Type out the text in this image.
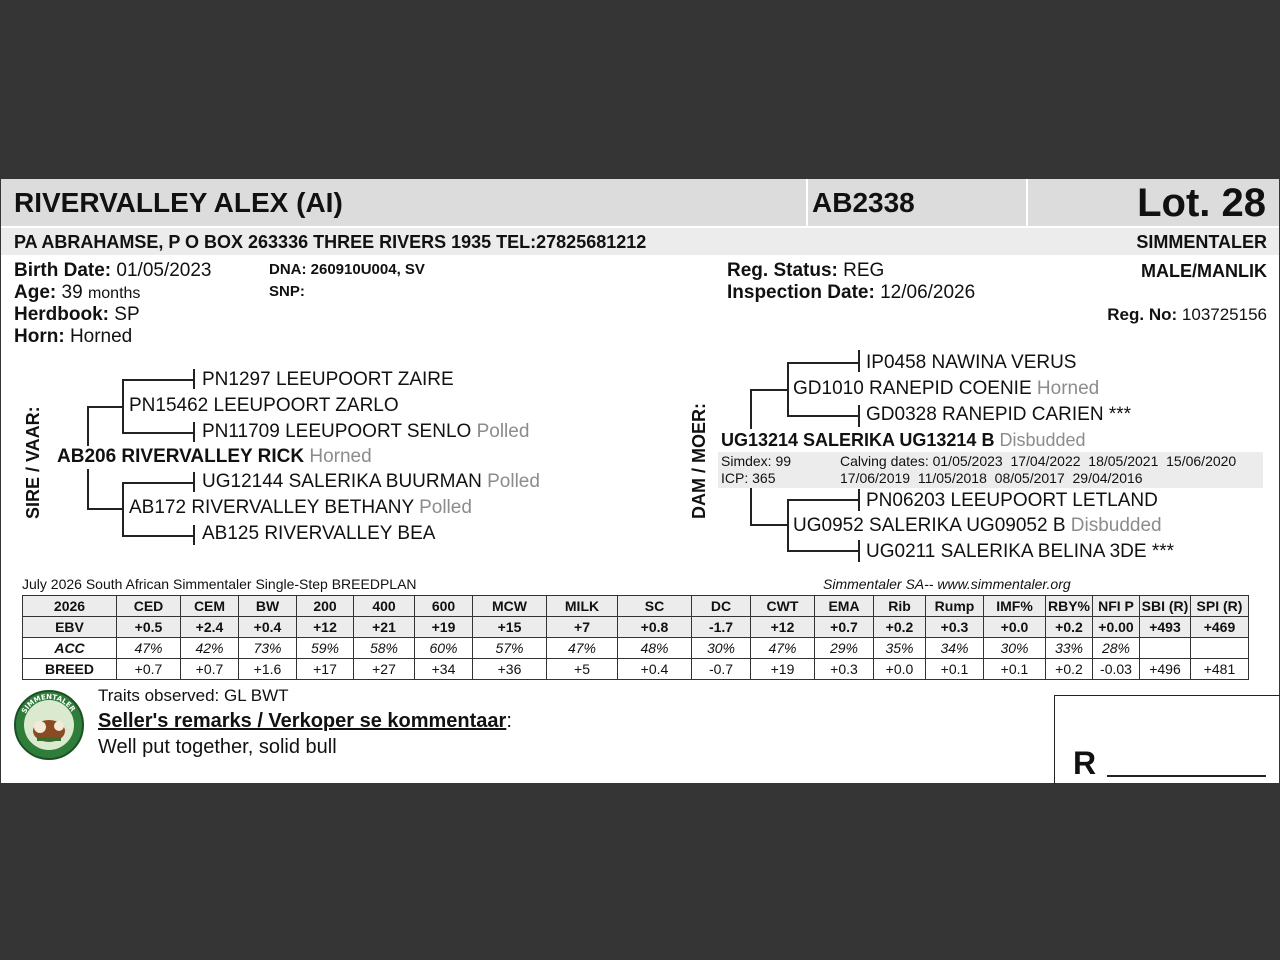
RIVERVALLEY ALEX (AI)	AB2338	Lot. 28
PA ABRAHAMSE, P O BOX 263336 THREE RIVERS 1935 TEL:27825681212	SIMMENTALER
Birth Date: 01/05/2023
Age: 39 months
Herdbook: SP
Horn: Horned
DNA: 260910U004, SV
SNP:
Reg. Status: REG
Inspection Date: 12/06/2026
MALE/MANLIK
Reg. No: 103725156
SIRE / VAAR:
PN1297 LEEUPOORT ZAIRE
PN15462 LEEUPOORT ZARLO
PN11709 LEEUPOORT SENLO Polled
AB206 RIVERVALLEY RICK Horned
UG12144 SALERIKA BUURMAN Polled
AB172 RIVERVALLEY BETHANY Polled
AB125 RIVERVALLEY BEA
DAM / MOER:
IP0458 NAWINA VERUS
GD1010 RANEPID COENIE Horned
GD0328 RANEPID CARIEN ***
UG13214 SALERIKA UG13214 B Disbudded
Simdex: 99
ICP: 365
Calving dates: 01/05/2023  17/04/2022  18/05/2021  15/06/2020
17/06/2019  11/05/2018  08/05/2017  29/04/2016
PN06203 LEEUPOORT LETLAND
UG0952 SALERIKA UG09052 B Disbudded
UG0211 SALERIKA BELINA 3DE ***
July 2026 South African Simmentaler Single-Step BREEDPLAN	Simmentaler SA-- www.simmentaler.org
2026	CED	CEM	BW	200	400	600	MCW	MILK	SC	DC	CWT	EMA	Rib	Rump	IMF%	RBY%	NFI P	SBI (R)	SPI (R)
EBV	+0.5	+2.4	+0.4	+12	+21	+19	+15	+7	+0.8	-1.7	+12	+0.7	+0.2	+0.3	+0.0	+0.2	+0.00	+493	+469
ACC	47%	42%	73%	59%	58%	60%	57%	47%	48%	30%	47%	29%	35%	34%	30%	33%	28%		
BREED	+0.7	+0.7	+1.6	+17	+27	+34	+36	+5	+0.4	-0.7	+19	+0.3	+0.0	+0.1	+0.1	+0.2	-0.03	+496	+481
SIMMENTALER
Traits observed: GL BWT
Seller's remarks / Verkoper se kommentaar:
Well put together, solid bull	R
